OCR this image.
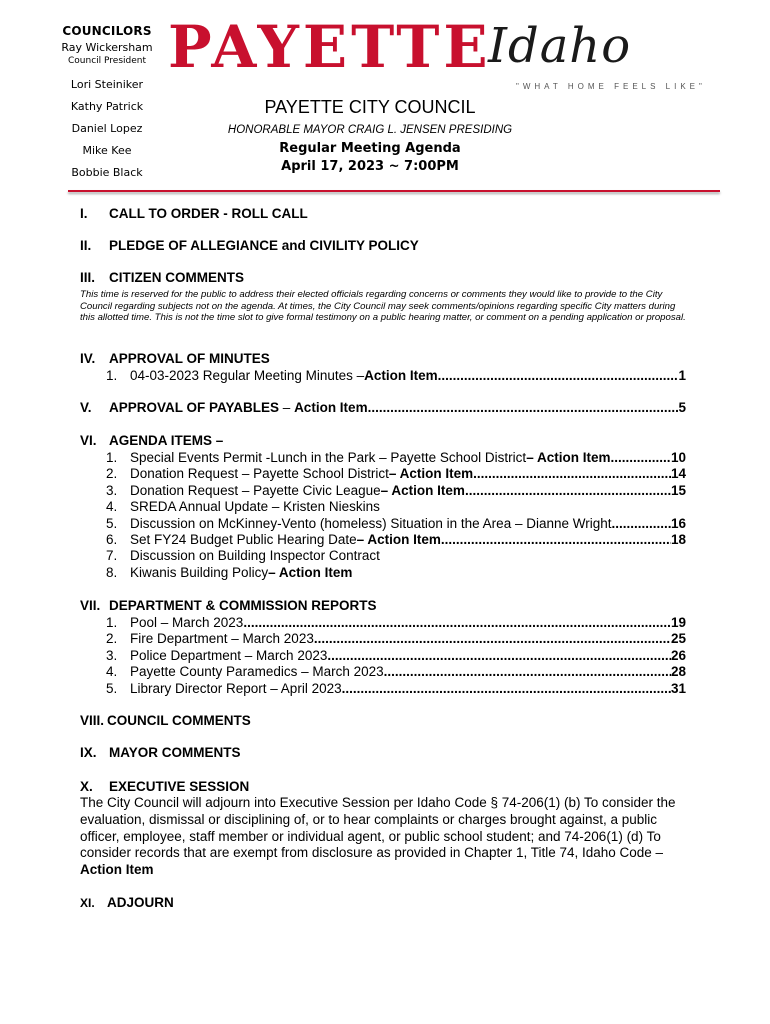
COUNCILORS
Ray Wickersham
Council President
Lori Steiniker
Kathy Patrick
Daniel Lopez
Mike Kee
Bobbie Black
PAYETTE
Idaho
"WHAT HOME FEELS LIKE"
PAYETTE CITY COUNCIL
HONORABLE MAYOR CRAIG L. JENSEN PRESIDING
Regular Meeting Agenda
April 17, 2023 ~ 7:00PM
I. CALL TO ORDER - ROLL CALL
II. PLEDGE OF ALLEGIANCE and CIVILITY POLICY
III. CITIZEN COMMENTS
This time is reserved for the public to address their elected officials regarding concerns or comments they would like to provide to the City Council regarding subjects not on the agenda. At times, the City Council may seek comments/opinions regarding specific City matters during this allotted time. This is not the time slot to give formal testimony on a public hearing matter, or comment on a pending application or proposal.
IV. APPROVAL OF MINUTES
1. 04-03-2023 Regular Meeting Minutes – Action Item .....	1
V.	APPROVAL OF PAYABLES – Action Item .....	5
VI. AGENDA ITEMS –
1. Special Events Permit -Lunch in the Park – Payette School District – Action Item .....	10
2. Donation Request – Payette School District – Action Item .....	14
3. Donation Request – Payette Civic League – Action Item .....	15
4. SREDA Annual Update – Kristen Nieskins
5. Discussion on McKinney-Vento (homeless) Situation in the Area – Dianne Wright .....	16
6. Set FY24 Budget Public Hearing Date – Action Item .....	18
7. Discussion on Building Inspector Contract
8. Kiwanis Building Policy – Action Item
VII. DEPARTMENT & COMMISSION REPORTS
1. Pool – March 2023 .....	19
2. Fire Department – March 2023 .....	25
3. Police Department – March 2023 .....	26
4. Payette County Paramedics – March 2023 .....	28
5. Library Director Report – April 2023 .....	31
VIII. COUNCIL COMMENTS
IX. MAYOR COMMENTS
X. EXECUTIVE SESSION
The City Council will adjourn into Executive Session per Idaho Code § 74-206(1) (b) To consider the evaluation, dismissal or disciplining of, or to hear complaints or charges brought against, a public officer, employee, staff member or individual agent, or public school student; and 74-206(1) (d) To consider records that are exempt from disclosure as provided in Chapter 1, Title 74, Idaho Code – Action Item
XI. ADJOURN
